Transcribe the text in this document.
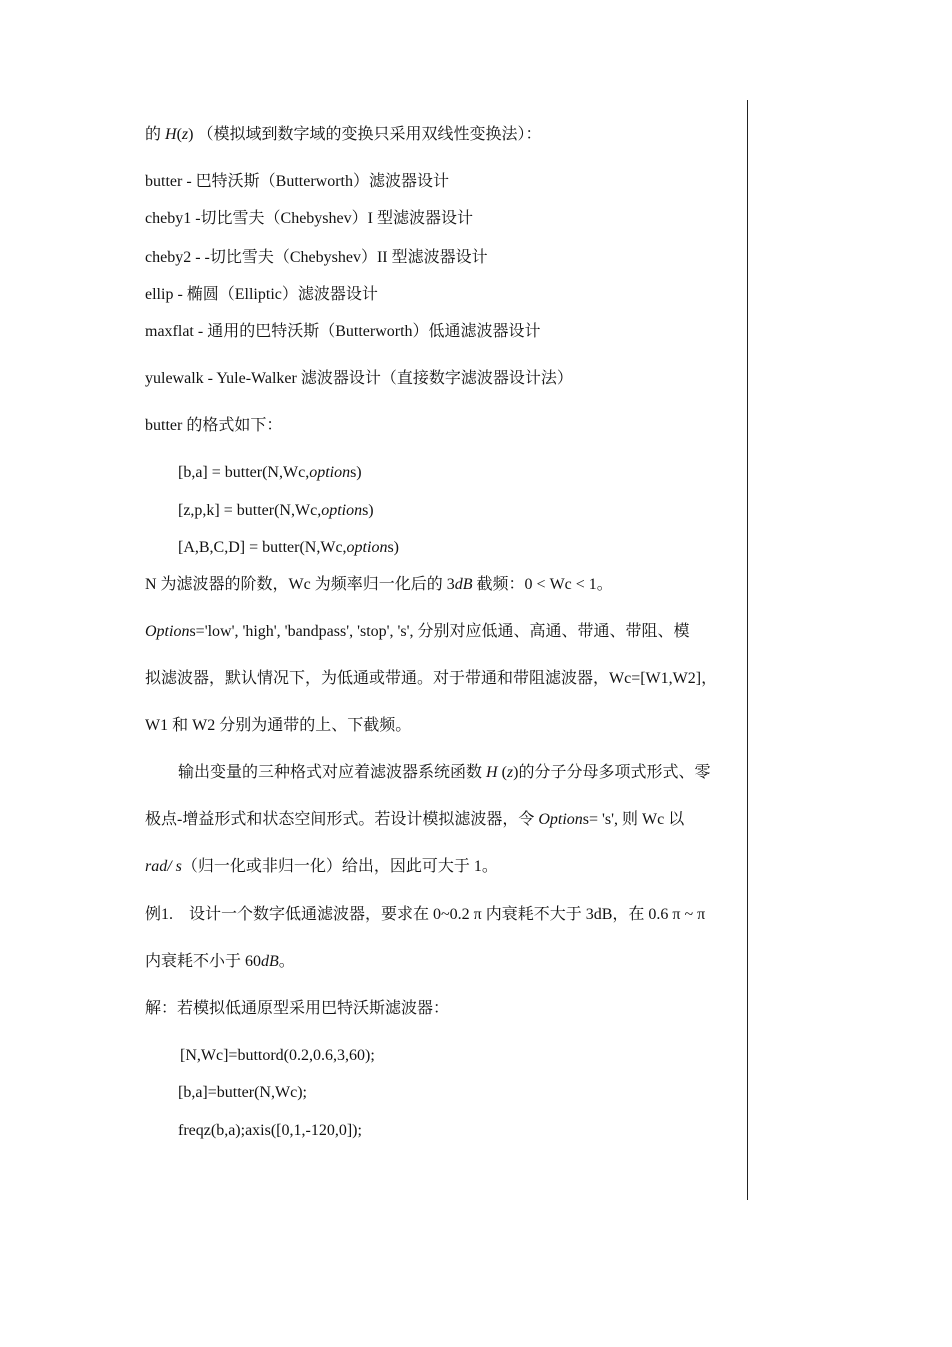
的 H(z) （模拟域到数字域的变换只采用双线性变换法）：
butter - 巴特沃斯（Butterworth）滤波器设计
cheby1 -切比雪夫（Chebyshev）I 型滤波器设计
cheby2 - -切比雪夫（Chebyshev）II 型滤波器设计
ellip - 椭圆（Elliptic）滤波器设计
maxflat - 通用的巴特沃斯（Butterworth）低通滤波器设计
yulewalk - Yule-Walker 滤波器设计（直接数字滤波器设计法）
butter 的格式如下：
[b,a] = butter(N,Wc,options)
[z,p,k] = butter(N,Wc,options)
[A,B,C,D] = butter(N,Wc,options)
N 为滤波器的阶数，Wc 为频率归一化后的 3dB 截频：0 < Wc < 1。
Options='low', 'high', 'bandpass', 'stop', 's', 分别对应低通、高通、带通、带阻、模
拟滤波器，默认情况下，为低通或带通。对于带通和带阻滤波器，Wc=[W1,W2]，
W1 和 W2 分别为通带的上、下截频。
输出变量的三种格式对应着滤波器系统函数 H (z)的分子分母多项式形式、零
极点-增益形式和状态空间形式。若设计模拟滤波器，令 Options= 's', 则 Wc 以
rad/ s（归一化或非归一化）给出，因此可大于 1。
例1.　设计一个数字低通滤波器，要求在 0~0.2 π 内衰耗不大于 3dB，在 0.6 π ~ π
内衰耗不小于 60dB。
解：若模拟低通原型采用巴特沃斯滤波器：
[N,Wc]=buttord(0.2,0.6,3,60);
[b,a]=butter(N,Wc);
freqz(b,a);axis([0,1,-120,0]);
